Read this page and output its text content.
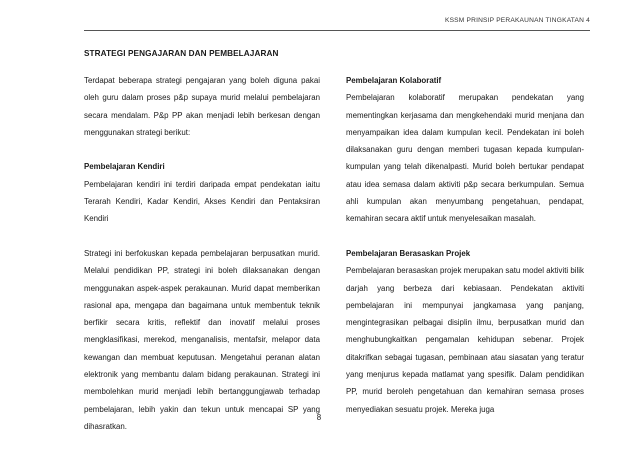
KSSM PRINSIP PERAKAUNAN TINGKATAN 4
STRATEGI PENGAJARAN DAN PEMBELAJARAN

Terdapat beberapa strategi pengajaran yang boleh diguna pakai oleh guru dalam proses p&p supaya murid melalui pembelajaran secara mendalam. P&p PP akan menjadi lebih berkesan dengan menggunakan strategi berikut:

Pembelajaran Kendiri

Pembelajaran kendiri ini terdiri daripada empat pendekatan iaitu Terarah Kendiri, Kadar Kendiri, Akses Kendiri dan Pentaksiran Kendiri

Strategi ini berfokuskan kepada pembelajaran berpusatkan murid. Melalui pendidikan PP, strategi ini boleh dilaksanakan dengan menggunakan aspek-aspek perakaunan. Murid dapat memberikan rasional apa, mengapa dan bagaimana untuk membentuk teknik berfikir secara kritis, reflektif dan inovatif melalui proses mengklasifikasi, merekod, menganalisis, mentafsir, melapor data kewangan dan membuat keputusan. Mengetahui peranan alatan elektronik yang membantu dalam bidang perakaunan. Strategi ini membolehkan murid menjadi lebih bertanggungjawab terhadap pembelajaran, lebih yakin dan tekun untuk mencapai SP yang dihasratkan.

Pembelajaran Kolaboratif

Pembelajaran kolaboratif merupakan pendekatan yang mementingkan kerjasama dan mengkehendaki murid menjana dan menyampaikan idea dalam kumpulan kecil. Pendekatan ini boleh dilaksanakan guru dengan memberi tugasan kepada kumpulan-kumpulan yang telah dikenalpasti. Murid boleh bertukar pendapat atau idea semasa dalam aktiviti p&p secara berkumpulan. Semua ahli kumpulan akan menyumbang pengetahuan, pendapat, kemahiran secara aktif untuk menyelesaikan masalah.

Pembelajaran Berasaskan Projek

Pembelajaran berasaskan projek merupakan satu model aktiviti bilik darjah yang berbeza dari kebiasaan. Pendekatan aktiviti pembelajaran ini mempunyai jangkamasa yang panjang, mengintegrasikan pelbagai disiplin ilmu, berpusatkan murid dan menghubungkaitkan pengamalan kehidupan sebenar. Projek ditakrifkan sebagai tugasan, pembinaan atau siasatan yang teratur yang menjurus kepada matlamat yang spesifik. Dalam pendidikan PP, murid beroleh pengetahuan dan kemahiran semasa proses menyediakan sesuatu projek. Mereka juga

8
